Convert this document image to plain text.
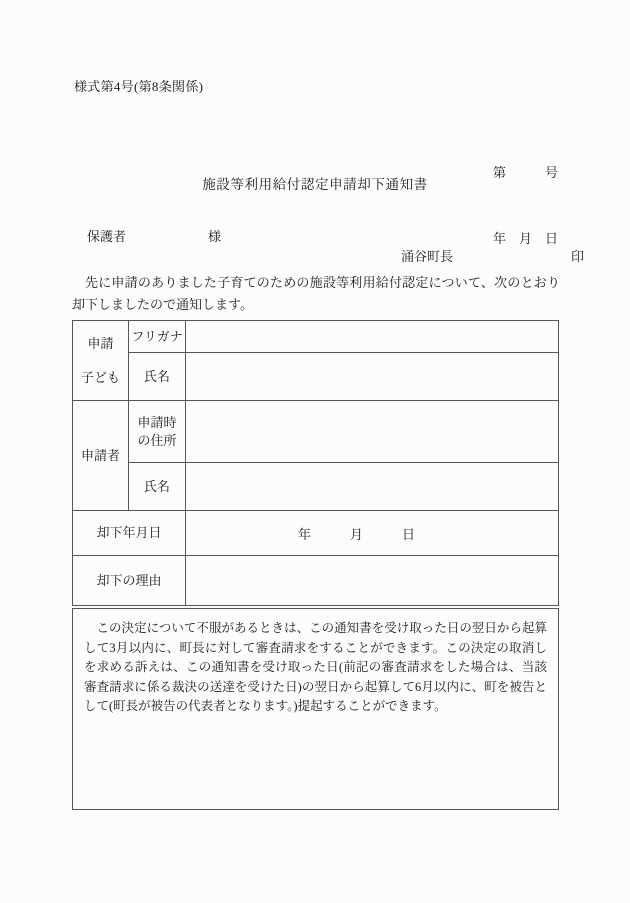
様式第4号(第8条関係)

第　　　号

年　月　日

施設等利用給付認定申請却下通知書

保護者	様

涌谷町長	印

先に申請のありました子育てのための施設等利用給付認定について、次のとおり却下しましたので通知します。
申請
子ども	フリガナ	
	氏名	
申請者	申請時
の住所	

	氏名	
却下年月日		年　　　月　　　日

却下の理由		

この決定について不服があるときは、この通知書を受け取った日の翌日から起算して3月以内に、町長に対して審査請求をすることができます。この決定の取消しを求める訴えは、この通知書を受け取った日(前記の審査請求をした場合は、当該審査請求に係る裁決の送達を受けた日)の翌日から起算して6月以内に、町を被告として(町長が被告の代表者となります。)提起することができます。
